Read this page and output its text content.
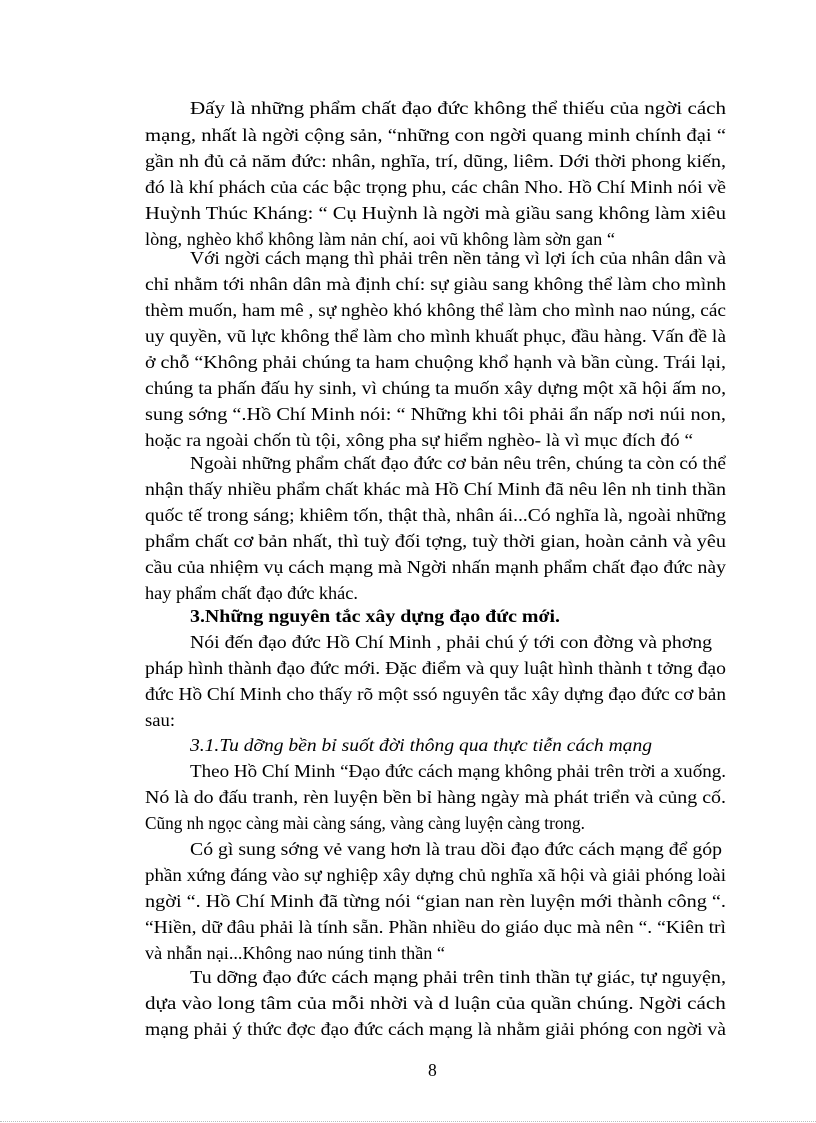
Đấy là những phẩm chất đạo đức không thể thiếu của ngời cách
mạng, nhất là ngời cộng sản, “những con ngời quang minh chính đại “
gần nh đủ cả năm đức: nhân, nghĩa, trí, dũng, liêm. Dới thời phong kiến,
đó là khí phách của các bậc trọng phu, các chân Nho. Hồ Chí Minh nói về
Huỳnh Thúc Kháng: “ Cụ Huỳnh là ngời mà giầu sang không làm xiêu
lòng, nghèo khổ không làm nản chí, aoi vũ không làm sờn gan “
Với ngời cách mạng thì phải trên nền tảng vì lợi ích của nhân dân và
chỉ nhằm tới nhân dân mà định chí: sự giàu sang không thể làm cho mình
thèm muốn, ham mê , sự nghèo khó không thể làm cho mình nao núng, các
uy quyền, vũ lực không thể làm cho mình khuất phục, đầu hàng. Vấn đề là
ở chỗ “Không phải chúng ta ham chuộng khổ hạnh và bần cùng. Trái lại,
chúng ta phấn đấu hy sinh, vì chúng ta muốn xây dựng một xã hội ấm no,
sung sớng “.Hồ Chí Minh nói: “ Những khi tôi phải ẩn nấp nơi núi non,
hoặc ra ngoài chốn tù tội, xông pha sự hiểm nghèo- là vì mục đích đó “
Ngoài những phẩm chất đạo đức cơ bản nêu trên, chúng ta còn có thể
nhận thấy nhiều phẩm chất khác mà Hồ Chí Minh đã nêu lên nh tinh thần
quốc tế trong sáng; khiêm tốn, thật thà, nhân ái...Có nghĩa là, ngoài những
phẩm chất cơ bản nhất, thì tuỳ đối tợng, tuỳ thời gian, hoàn cảnh và yêu
cầu của nhiệm vụ cách mạng mà Ngời nhấn mạnh phẩm chất đạo đức này
hay phẩm chất đạo đức khác.
3.Những nguyên tắc xây dựng đạo đức mới.
Nói đến đạo đức Hồ Chí Minh , phải chú ý tới con đờng và phơng
pháp hình thành đạo đức mới. Đặc điểm và quy luật hình thành t tởng đạo
đức Hồ Chí Minh cho thấy rõ một ssó nguyên tắc xây dựng đạo đức cơ bản
sau:
3.1.Tu dỡng bền bỉ suốt đời thông qua thực tiễn cách mạng
Theo Hồ Chí Minh “Đạo đức cách mạng không phải trên trời a xuống.
Nó là do đấu tranh, rèn luyện bền bỉ hàng ngày mà phát triển và củng cố.
Cũng nh ngọc càng mài càng sáng, vàng càng luyện càng trong.
Có gì sung sớng vẻ vang hơn là trau dồi đạo đức cách mạng để góp
phần xứng đáng vào sự nghiệp xây dựng chủ nghĩa xã hội và giải phóng loài
ngời “. Hồ Chí Minh đã từng nói “gian nan rèn luyện mới thành công “.
“Hiền, dữ đâu phải là tính sẵn. Phần nhiều do giáo dục mà nên “. “Kiên trì
và nhẫn nại...Không nao núng tinh thần “
Tu dỡng đạo đức cách mạng phải trên tinh thần tự giác, tự nguyện,
dựa vào long tâm của mỗi nhời và d luận của quần chúng. Ngời cách
mạng phải ý thức đợc đạo đức cách mạng là nhằm giải phóng con ngời và
8
